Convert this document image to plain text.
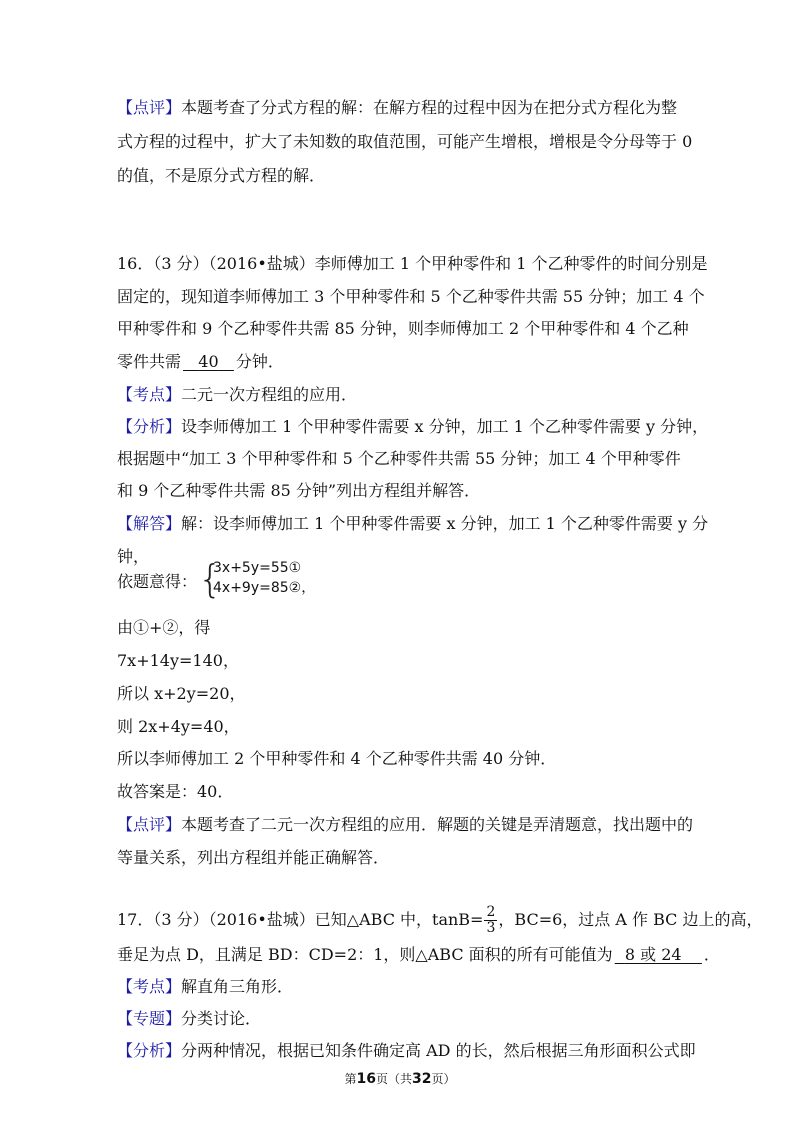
【点评】本题考查了分式方程的解：在解方程的过程中因为在把分式方程化为整
式方程的过程中，扩大了未知数的取值范围，可能产生增根，增根是令分母等于 0
的值，不是原分式方程的解．
16．（3 分）（2016•盐城）李师傅加工 1 个甲种零件和 1 个乙种零件的时间分别是
固定的，现知道李师傅加工 3 个甲种零件和 5 个乙种零件共需 55 分钟；加工 4 个
甲种零件和 9 个乙种零件共需 85 分钟，则李师傅加工 2 个甲种零件和 4 个乙种
零件共需 40 分钟．
【考点】二元一次方程组的应用．
【分析】设李师傅加工 1 个甲种零件需要 x 分钟，加工 1 个乙种零件需要 y 分钟，
根据题中“加工 3 个甲种零件和 5 个乙种零件共需 55 分钟；加工 4 个甲种零件
和 9 个乙种零件共需 85 分钟”列出方程组并解答．
【解答】解：设李师傅加工 1 个甲种零件需要 x 分钟，加工 1 个乙种零件需要 y 分
钟，
依题意得： {
3x+5y=55①
4x+9y=85②，
由①+②，得
7x+14y=140，
所以 x+2y=20，
则 2x+4y=40，
所以李师傅加工 2 个甲种零件和 4 个乙种零件共需 40 分钟．
故答案是：40．
【点评】本题考查了二元一次方程组的应用．解题的关键是弄清题意，找出题中的
等量关系，列出方程组并能正确解答．
17．（3 分）（2016•盐城）已知△ABC 中，$\tan B= \frac{2}{3}$ ，BC=6，过点 A 作 BC 边上的高，
垂足为点 D，且满足 BD：CD=2：1，则△ABC 面积的所有可能值为 8 或 24 ．
【考点】解直角三角形．
【专题】分类讨论．
【分析】分两种情况，根据已知条件确定高 AD 的长，然后根据三角形面积公式即
第16页（共32页）
